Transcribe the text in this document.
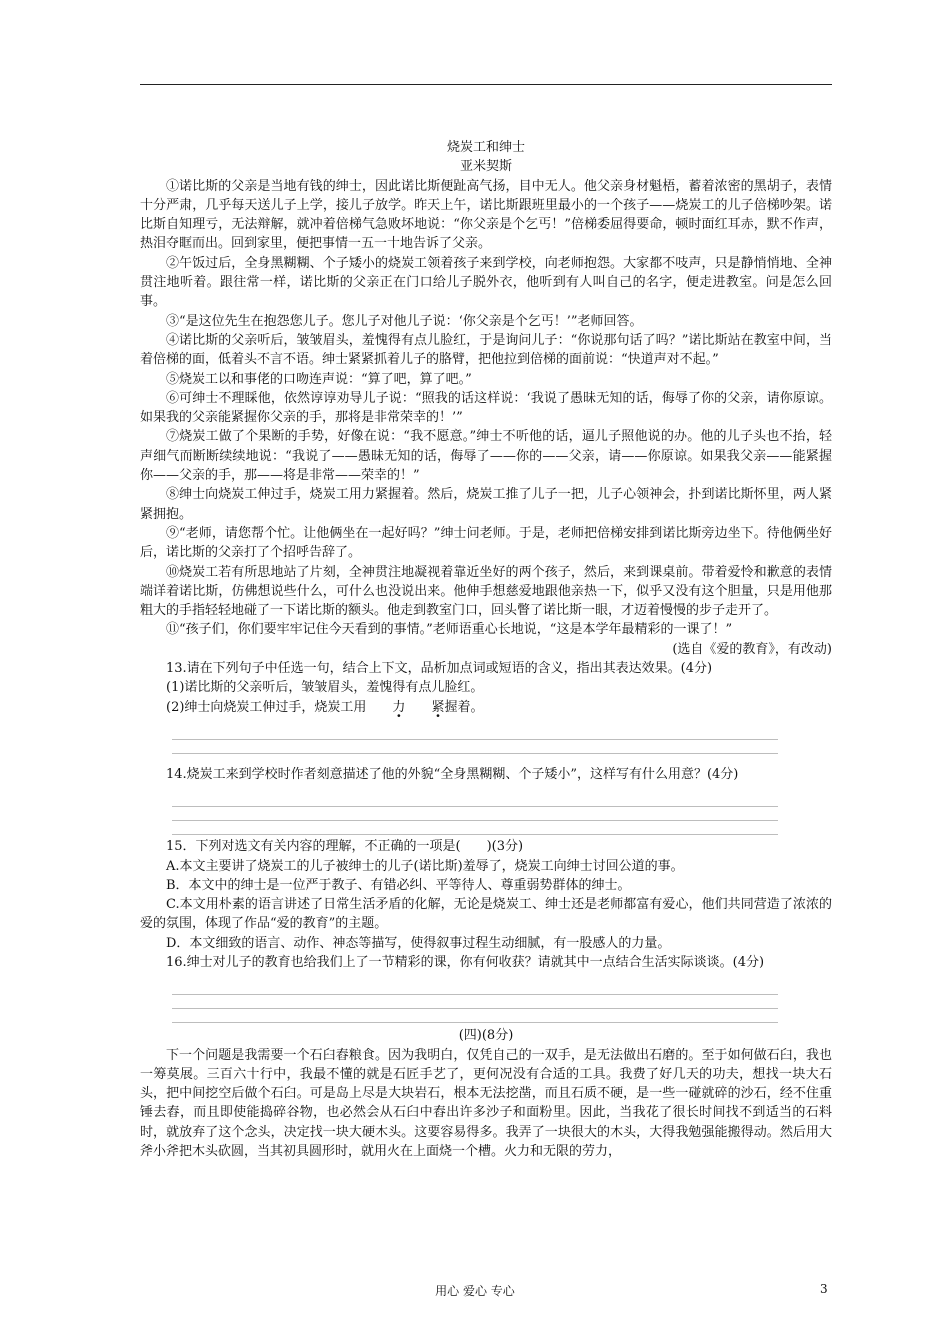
烧炭工和绅士

亚米契斯

①诺比斯的父亲是当地有钱的绅士，因此诺比斯便趾高气扬，目中无人。他父亲身材魁梧，蓄着浓密的黑胡子，表情十分严肃，几乎每天送儿子上学，接儿子放学。昨天上午，诺比斯跟班里最小的一个孩子——烧炭工的儿子倍梯吵架。诺比斯自知理亏，无法辩解，就冲着倍梯气急败坏地说：“你父亲是个乞丐！”倍梯委屈得要命，顿时面红耳赤，默不作声，热泪夺眶而出。回到家里，便把事情一五一十地告诉了父亲。

②午饭过后，全身黑糊糊、个子矮小的烧炭工领着孩子来到学校，向老师抱怨。大家都不吱声，只是静悄悄地、全神贯注地听着。跟往常一样，诺比斯的父亲正在门口给儿子脱外衣，他听到有人叫自己的名字，便走进教室。问是怎么回事。

③“是这位先生在抱怨您儿子。您儿子对他儿子说：‘你父亲是个乞丐！’”老师回答。

④诺比斯的父亲听后，皱皱眉头，羞愧得有点儿脸红，于是询问儿子：“你说那句话了吗？”诺比斯站在教室中间，当着倍梯的面，低着头不言不语。绅士紧紧抓着儿子的胳臂，把他拉到倍梯的面前说：“快道声对不起。”

⑤烧炭工以和事佬的口吻连声说：“算了吧，算了吧。”

⑥可绅士不理睬他，依然谆谆劝导儿子说：“照我的话这样说：‘我说了愚昧无知的话，侮辱了你的父亲，请你原谅。如果我的父亲能紧握你父亲的手，那将是非常荣幸的！’”

⑦烧炭工做了个果断的手势，好像在说：“我不愿意。”绅士不听他的话，逼儿子照他说的办。他的儿子头也不抬，轻声细气而断断续续地说：“我说了——愚昧无知的话，侮辱了——你的——父亲，请——你原谅。如果我父亲——能紧握你——父亲的手，那——将是非常——荣幸的！”

⑧绅士向烧炭工伸过手，烧炭工用力紧握着。然后，烧炭工推了儿子一把，儿子心领神会，扑到诺比斯怀里，两人紧紧拥抱。

⑨“老师，请您帮个忙。让他俩坐在一起好吗？”绅士问老师。于是，老师把倍梯安排到诺比斯旁边坐下。待他俩坐好后，诺比斯的父亲打了个招呼告辞了。

⑩烧炭工若有所思地站了片刻，全神贯注地凝视着靠近坐好的两个孩子，然后，来到课桌前。带着爱怜和歉意的表情端详着诺比斯，仿佛想说些什么，可什么也没说出来。他伸手想慈爱地跟他亲热一下，似乎又没有这个胆量，只是用他那粗大的手指轻轻地碰了一下诺比斯的额头。他走到教室门口，回头瞥了诺比斯一眼，才迈着慢慢的步子走开了。

⑪“孩子们，你们要牢牢记住今天看到的事情。”老师语重心长地说，“这是本学年最精彩的一课了！”

(选自《爱的教育》，有改动)

13.请在下列句子中任选一句，结合上下文，品析加点词或短语的含义，指出其表达效果。(4分)

(1)诺比斯的父亲听后，皱皱眉头，羞愧得有点儿脸红。

(2)绅士向烧炭工伸过手，烧炭工用 力 紧握着。

14.烧炭工来到学校时作者刻意描述了他的外貌“全身黑糊糊、个子矮小”，这样写有什么用意？(4分)

15．下列对选文有关内容的理解，不正确的一项是(　　)(3分)

A.本文主要讲了烧炭工的儿子被绅士的儿子(诺比斯)羞辱了，烧炭工向绅士讨回公道的事。

B．本文中的绅士是一位严于教子、有错必纠、平等待人、尊重弱势群体的绅士。

C.本文用朴素的语言讲述了日常生活矛盾的化解，无论是烧炭工、绅士还是老师都富有爱心，他们共同营造了浓浓的爱的氛围，体现了作品“爱的教育”的主题。

D．本文细致的语言、动作、神态等描写，使得叙事过程生动细腻，有一股感人的力量。

16.绅士对儿子的教育也给我们上了一节精彩的课，你有何收获？请就其中一点结合生活实际谈谈。(4分)

(四)(8分)

下一个问题是我需要一个石臼舂粮食。因为我明白，仅凭自己的一双手，是无法做出石磨的。至于如何做石臼，我也一筹莫展。三百六十行中，我最不懂的就是石匠手艺了，更何况没有合适的工具。我费了好几天的功夫，想找一块大石头，把中间挖空后做个石臼。可是岛上尽是大块岩石，根本无法挖凿，而且石质不硬，是一些一碰就碎的沙石，经不住重锤去舂，而且即使能捣碎谷物，也必然会从石臼中舂出许多沙子和面粉里。因此，当我花了很长时间找不到适当的石料时，就放弃了这个念头，决定找一块大硬木头。这要容易得多。我弄了一块很大的木头，大得我勉强能搬得动。然后用大斧小斧把木头砍圆，当其初具圆形时，就用火在上面烧一个槽。火力和无限的劳力，

用心 爱心 专心	3
